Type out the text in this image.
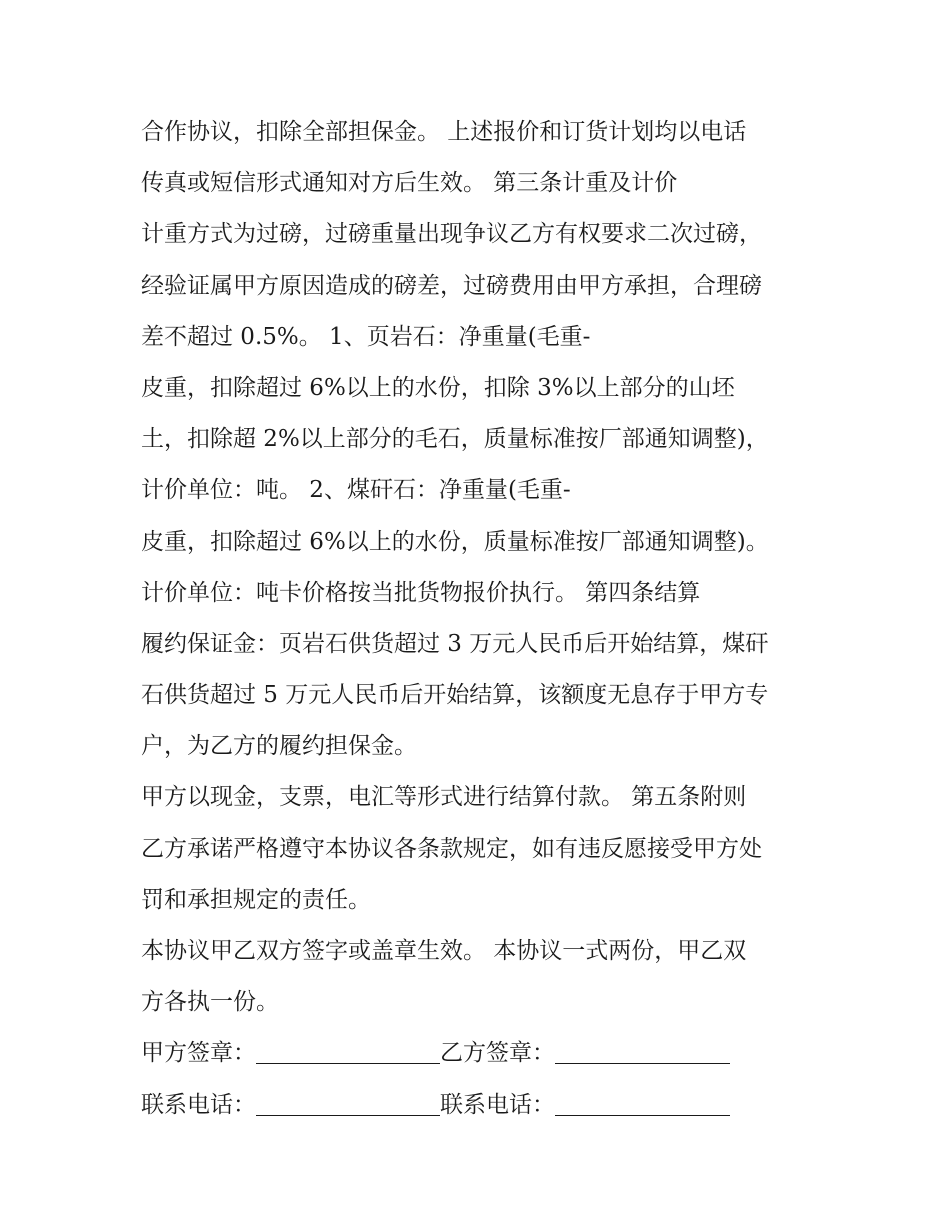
合作协议，扣除全部担保金。 上述报价和订货计划均以电话
传真或短信形式通知对方后生效。 第三条计重及计价

计重方式为过磅，过磅重量出现争议乙方有权要求二次过磅，
经验证属甲方原因造成的磅差，过磅费用由甲方承担，合理磅
差不超过 0.5%。 1、页岩石：净重量(毛重-

皮重，扣除超过 6%以上的水份，扣除 3%以上部分的山坯
土，扣除超 2%以上部分的毛石，质量标准按厂部通知调整)，
计价单位：吨。 2、煤矸石：净重量(毛重-

皮重，扣除超过 6%以上的水份，质量标准按厂部通知调整)。

计价单位：吨卡价格按当批货物报价执行。 第四条结算

履约保证金：页岩石供货超过 3 万元人民币后开始结算，煤矸
石供货超过 5 万元人民币后开始结算，该额度无息存于甲方专
户，为乙方的履约担保金。

甲方以现金，支票，电汇等形式进行结算付款。 第五条附则

乙方承诺严格遵守本协议各条款规定，如有违反愿接受甲方处
罚和承担规定的责任。

本协议甲乙双方签字或盖章生效。 本协议一式两份，甲乙双
方各执一份。

甲方签章：	乙方签章：
联系电话：	联系电话：
